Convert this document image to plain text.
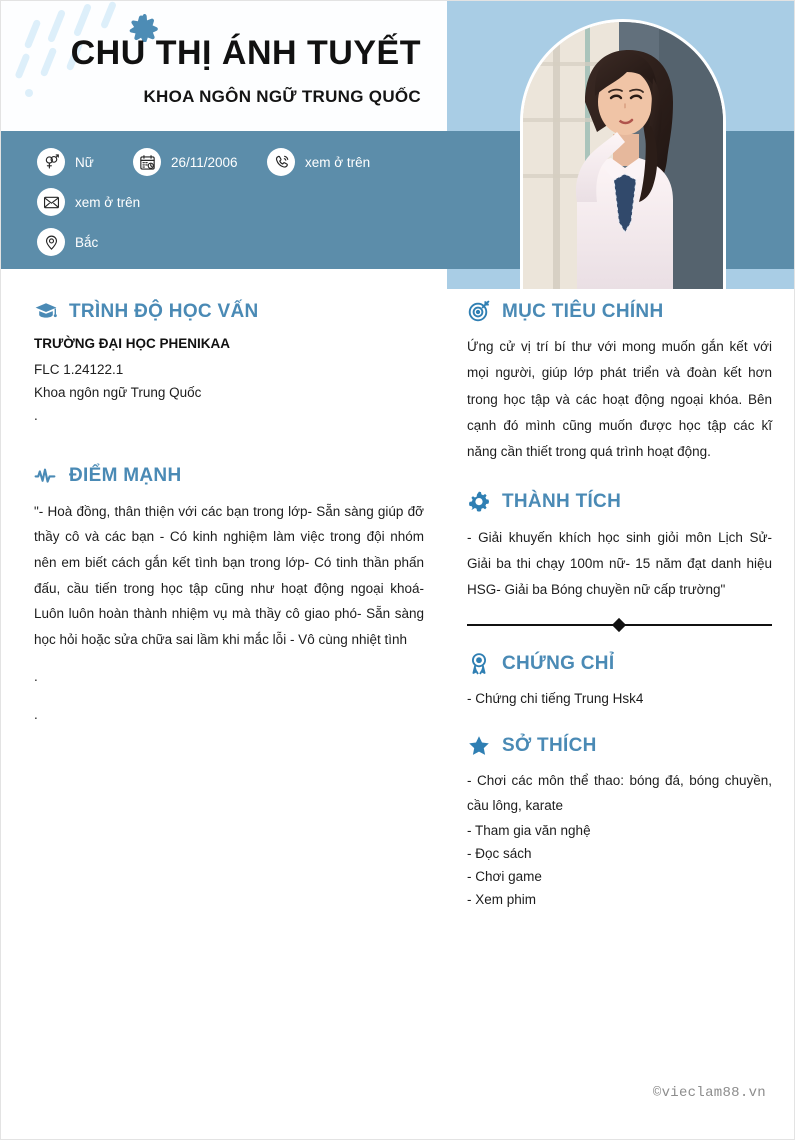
CHU THỊ ÁNH TUYẾT
KHOA NGÔN NGỮ TRUNG QUỐC
Nữ	26/11/2006	xem ở trên
xem ở trên
Bắc
TRÌNH ĐỘ HỌC VẤN

TRƯỜNG ĐẠI HỌC PHENIKAA

FLC 1.24122.1

Khoa ngôn ngữ Trung Quốc

.

ĐIỂM MẠNH

"- Hoà đồng, thân thiện với các bạn trong lớp- Sẵn sàng giúp đỡ thầy cô và các bạn - Có kinh nghiệm làm việc trong đội nhóm nên em biết cách gắn kết tình bạn trong lớp- Có tinh thần phấn đấu, cầu tiến trong học tập cũng như hoạt động ngoại khoá- Luôn luôn hoàn thành nhiệm vụ mà thầy cô giao phó- Sẵn sàng học hỏi hoặc sửa chữa sai lầm khi mắc lỗi - Vô cùng nhiệt tình

.

.

MỤC TIÊU CHÍNH

Ứng cử vị trí bí thư với mong muốn gắn kết với mọi người, giúp lớp phát triển và đoàn kết hơn trong học tập và các hoạt động ngoại khóa. Bên cạnh đó mình cũng muốn được học tập các kĩ năng cần thiết trong quá trình hoạt động.

THÀNH TÍCH

- Giải khuyến khích học sinh giỏi môn Lịch Sử- Giải ba thi chạy 100m nữ- 15 năm đạt danh hiệu HSG- Giải ba Bóng chuyền nữ cấp trường"

CHỨNG CHỈ

- Chứng chi tiếng Trung Hsk4

SỞ THÍCH

- Chơi các môn thể thao: bóng đá, bóng chuyền, cầu lông, karate

- Tham gia văn nghệ

- Đọc sách

- Chơi game

- Xem phim

©vieclam88.vn
